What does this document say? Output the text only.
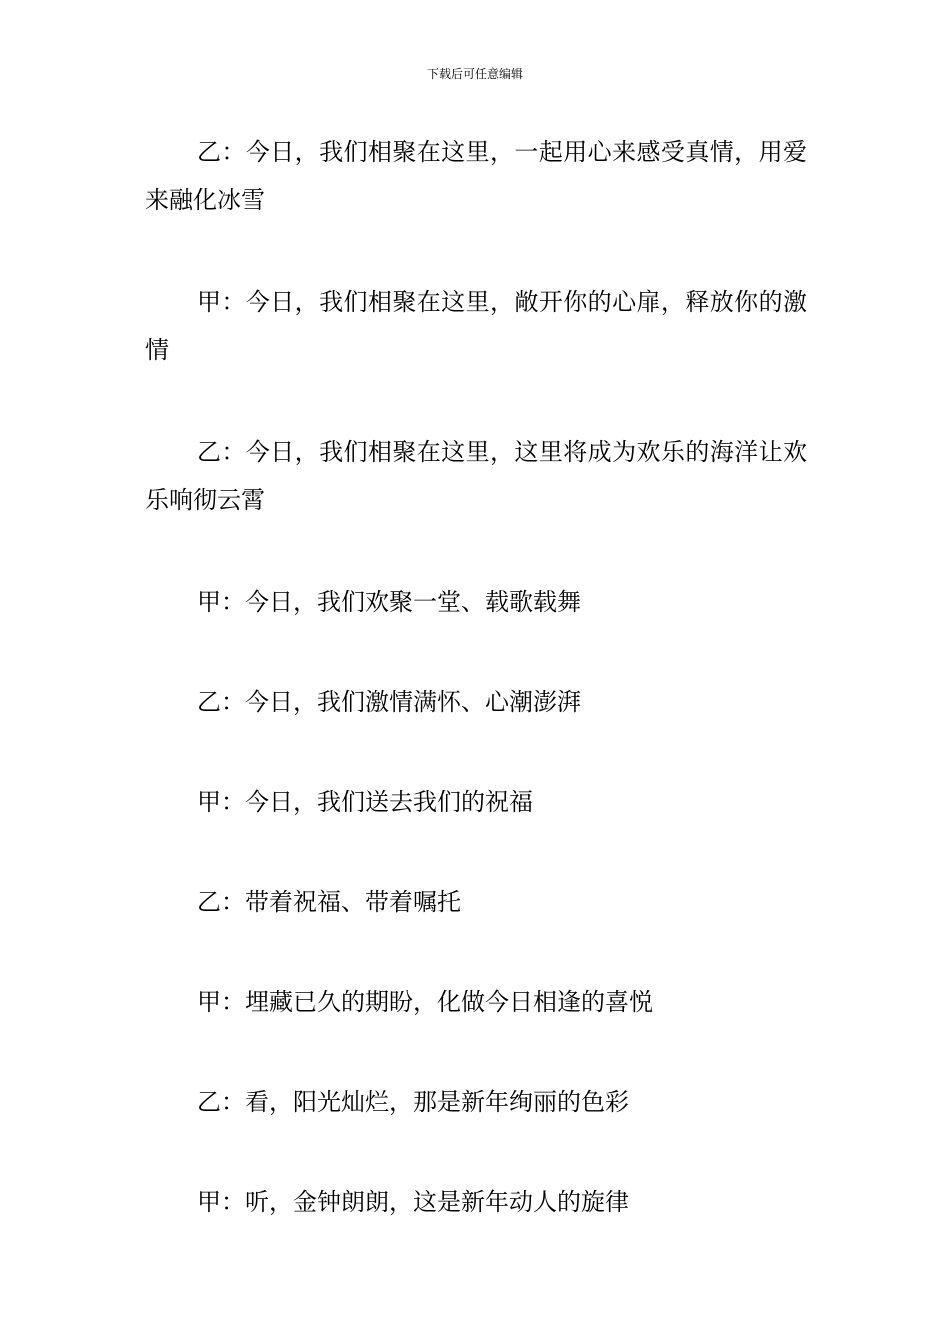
下载后可任意编辑

乙：今日，我们相聚在这里，一起用心来感受真情，用爱来融化冰雪

甲：今日，我们相聚在这里，敞开你的心扉，释放你的激情

乙：今日，我们相聚在这里，这里将成为欢乐的海洋让欢乐响彻云霄

甲：今日，我们欢聚一堂、载歌载舞

乙：今日，我们激情满怀、心潮澎湃

甲：今日，我们送去我们的祝福

乙：带着祝福、带着嘱托

甲：埋藏已久的期盼，化做今日相逢的喜悦

乙：看，阳光灿烂，那是新年绚丽的色彩

甲：听，金钟朗朗，这是新年动人的旋律
